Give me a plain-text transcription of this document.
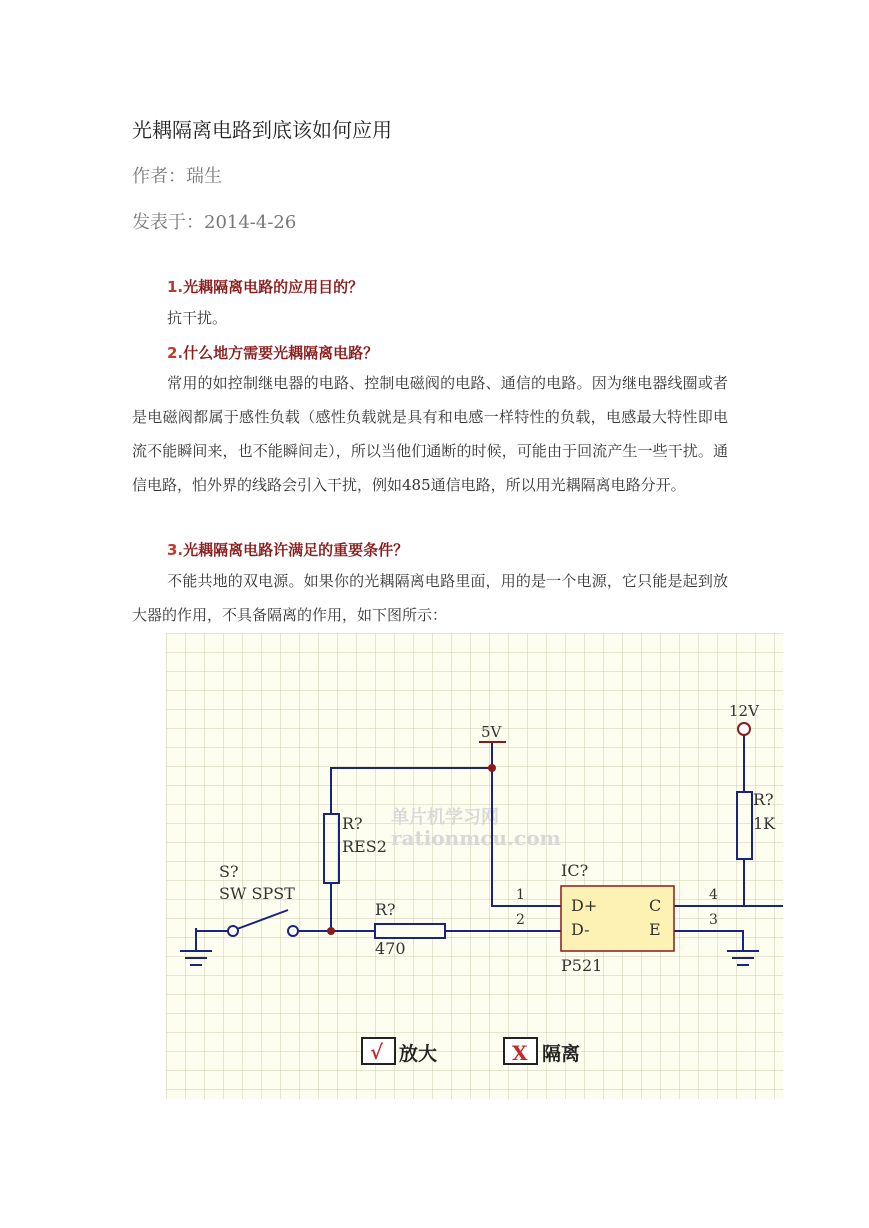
光耦隔离电路到底该如何应用
作者：瑞生
发表于：2014-4-26
1.光耦隔离电路的应用目的？
抗干扰。
2.什么地方需要光耦隔离电路？
常用的如控制继电器的电路、控制电磁阀的电路、通信的电路。因为继电器线圈或者是电磁阀都属于感性负载（感性负载就是具有和电感一样特性的负载，电感最大特性即电流不能瞬间来，也不能瞬间走），所以当他们通断的时候，可能由于回流产生一些干扰。通信电路，怕外界的线路会引入干扰，例如485通信电路，所以用光耦隔离电路分开。
3.光耦隔离电路许满足的重要条件？
不能共地的双电源。如果你的光耦隔离电路里面，用的是一个电源，它只能是起到放大器的作用，不具备隔离的作用，如下图所示：
单片机学习网
rationmcu.com
5V
12V
R?
RES2
S?
SW SPST
R?
470
IC?
P521
D+
D-
C
E
1
2
4
3
R?
1K
√ 放大	X 隔离
